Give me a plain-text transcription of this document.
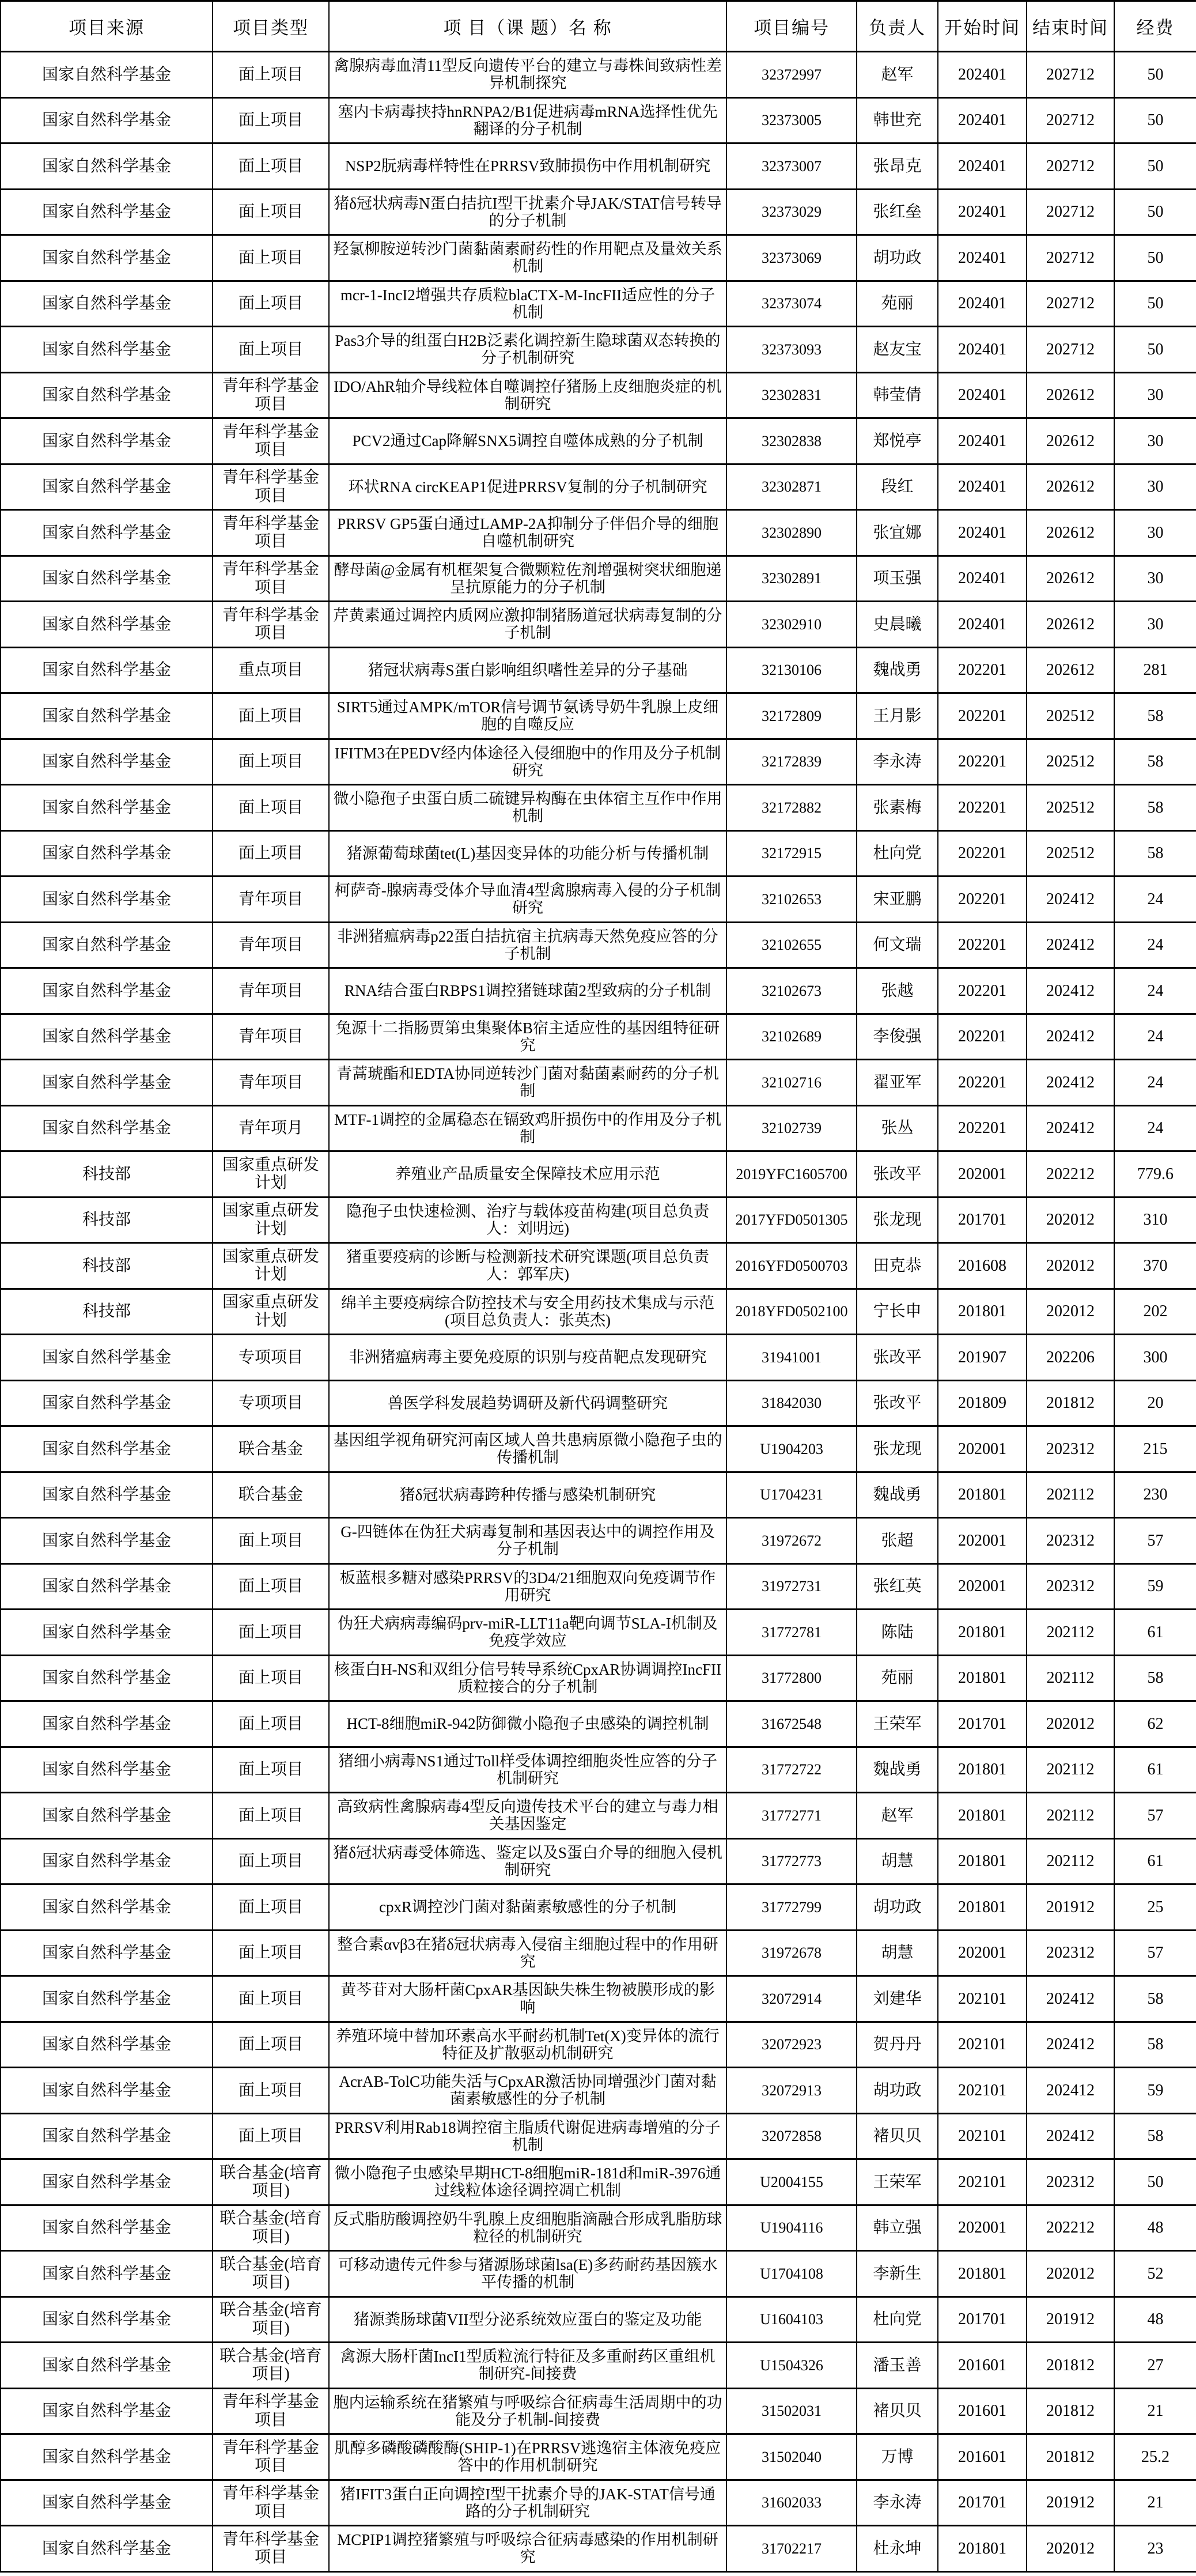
项目来源	项目类型	项 目（课 题）名 称	项目编号	负责人	开始时间	结束时间	经费
国家自然科学基金	面上项目	禽腺病毒血清11型反向遗传平台的建立与毒株间致病性差异机制探究	32372997	赵军	202401	202712	50
国家自然科学基金	面上项目	塞内卡病毒挟持hnRNPA2/B1促进病毒mRNA选择性优先翻译的分子机制	32373005	韩世充	202401	202712	50
国家自然科学基金	面上项目	NSP2朊病毒样特性在PRRSV致肺损伤中作用机制研究	32373007	张昂克	202401	202712	50
国家自然科学基金	面上项目	猪δ冠状病毒N蛋白拮抗I型干扰素介导JAK/STAT信号转导的分子机制	32373029	张红垒	202401	202712	50
国家自然科学基金	面上项目	羟氯柳胺逆转沙门菌黏菌素耐药性的作用靶点及量效关系机制	32373069	胡功政	202401	202712	50
国家自然科学基金	面上项目	mcr-1-IncI2增强共存质粒blaCTX-M-IncFII适应性的分子机制	32373074	苑丽	202401	202712	50
国家自然科学基金	面上项目	Pas3介导的组蛋白H2B泛素化调控新生隐球菌双态转换的分子机制研究	32373093	赵友宝	202401	202712	50
国家自然科学基金	青年科学基金项目	IDO/AhR轴介导线粒体自噬调控仔猪肠上皮细胞炎症的机制研究	32302831	韩莹倩	202401	202612	30
国家自然科学基金	青年科学基金项目	PCV2通过Cap降解SNX5调控自噬体成熟的分子机制	32302838	郑悦亭	202401	202612	30
国家自然科学基金	青年科学基金项目	环状RNA circKEAP1促进PRRSV复制的分子机制研究	32302871	段红	202401	202612	30
国家自然科学基金	青年科学基金项目	PRRSV GP5蛋白通过LAMP-2A抑制分子伴侣介导的细胞自噬机制研究	32302890	张宜娜	202401	202612	30
国家自然科学基金	青年科学基金项目	酵母菌@金属有机框架复合微颗粒佐剂增强树突状细胞递呈抗原能力的分子机制	32302891	项玉强	202401	202612	30
国家自然科学基金	青年科学基金项目	芹黄素通过调控内质网应激抑制猪肠道冠状病毒复制的分子机制	32302910	史晨曦	202401	202612	30
国家自然科学基金	重点项目	猪冠状病毒S蛋白影响组织嗜性差异的分子基础	32130106	魏战勇	202201	202612	281
国家自然科学基金	面上项目	SIRT5通过AMPK/mTOR信号调节氨诱导奶牛乳腺上皮细胞的自噬反应	32172809	王月影	202201	202512	58
国家自然科学基金	面上项目	IFITM3在PEDV经内体途径入侵细胞中的作用及分子机制研究	32172839	李永涛	202201	202512	58
国家自然科学基金	面上项目	微小隐孢子虫蛋白质二硫键异构酶在虫体宿主互作中作用机制	32172882	张素梅	202201	202512	58
国家自然科学基金	面上项目	猪源葡萄球菌tet(L)基因变异体的功能分析与传播机制	32172915	杜向党	202201	202512	58
国家自然科学基金	青年项目	柯萨奇-腺病毒受体介导血清4型禽腺病毒入侵的分子机制研究	32102653	宋亚鹏	202201	202412	24
国家自然科学基金	青年项目	非洲猪瘟病毒p22蛋白拮抗宿主抗病毒天然免疫应答的分子机制	32102655	何文瑞	202201	202412	24
国家自然科学基金	青年项目	RNA结合蛋白RBPS1调控猪链球菌2型致病的分子机制	32102673	张越	202201	202412	24
国家自然科学基金	青年项目	兔源十二指肠贾第虫集聚体B宿主适应性的基因组特征研究	32102689	李俊强	202201	202412	24
国家自然科学基金	青年项目	青蒿琥酯和EDTA协同逆转沙门菌对黏菌素耐药的分子机制	32102716	翟亚军	202201	202412	24
国家自然科学基金	青年项月	MTF-1调控的金属稳态在镉致鸡肝损伤中的作用及分子机制	32102739	张丛	202201	202412	24
科技部	国家重点研发计划	养殖业产品质量安全保障技术应用示范	2019YFC1605700	张改平	202001	202212	779.6
科技部	国家重点研发计划	隐孢子虫快速检测、治疗与载体疫苗构建(项目总负责人：刘明远)	2017YFD0501305	张龙现	201701	202012	310
科技部	国家重点研发计划	猪重要疫病的诊断与检测新技术研究课题(项目总负责人：郭军庆)	2016YFD0500703	田克恭	201608	202012	370
科技部	国家重点研发计划	绵羊主要疫病综合防控技术与安全用药技术集成与示范(项目总负责人：张英杰)	2018YFD0502100	宁长申	201801	202012	202
国家自然科学基金	专项项目	非洲猪瘟病毒主要免疫原的识别与疫苗靶点发现研究	31941001	张改平	201907	202206	300
国家自然科学基金	专项项目	兽医学科发展趋势调研及新代码调整研究	31842030	张改平	201809	201812	20
国家自然科学基金	联合基金	基因组学视角研究河南区域人兽共患病原微小隐孢子虫的传播机制	U1904203	张龙现	202001	202312	215
国家自然科学基金	联合基金	猪δ冠状病毒跨种传播与感染机制研究	U1704231	魏战勇	201801	202112	230
国家自然科学基金	面上项目	G-四链体在伪狂犬病毒复制和基因表达中的调控作用及分子机制	31972672	张超	202001	202312	57
国家自然科学基金	面上项目	板蓝根多糖对感染PRRSV的3D4/21细胞双向免疫调节作用研究	31972731	张红英	202001	202312	59
国家自然科学基金	面上项目	伪狂犬病病毒编码prv-miR-LLT11a靶向调节SLA-I机制及免疫学效应	31772781	陈陆	201801	202112	61
国家自然科学基金	面上项目	核蛋白H-NS和双组分信号转导系统CpxAR协调调控IncFII质粒接合的分子机制	31772800	苑丽	201801	202112	58
国家自然科学基金	面上项目	HCT-8细胞miR-942防御微小隐孢子虫感染的调控机制	31672548	王荣军	201701	202012	62
国家自然科学基金	面上项目	猪细小病毒NS1通过Toll样受体调控细胞炎性应答的分子机制研究	31772722	魏战勇	201801	202112	61
国家自然科学基金	面上项目	高致病性禽腺病毒4型反向遗传技术平台的建立与毒力相关基因鉴定	31772771	赵军	201801	202112	57
国家自然科学基金	面上项目	猪δ冠状病毒受体筛选、鉴定以及S蛋白介导的细胞入侵机制研究	31772773	胡慧	201801	202112	61
国家自然科学基金	面上项目	cpxR调控沙门菌对黏菌素敏感性的分子机制	31772799	胡功政	201801	201912	25
国家自然科学基金	面上项目	整合素αvβ3在猪δ冠状病毒入侵宿主细胞过程中的作用研究	31972678	胡慧	202001	202312	57
国家自然科学基金	面上项目	黄芩苷对大肠杆菌CpxAR基因缺失株生物被膜形成的影响	32072914	刘建华	202101	202412	58
国家自然科学基金	面上项目	养殖环境中替加环素高水平耐药机制Tet(X)变异体的流行特征及扩散驱动机制研究	32072923	贺丹丹	202101	202412	58
国家自然科学基金	面上项目	AcrAB-TolC功能失活与CpxAR激活协同增强沙门菌对黏菌素敏感性的分子机制	32072913	胡功政	202101	202412	59
国家自然科学基金	面上项目	PRRSV利用Rab18调控宿主脂质代谢促进病毒增殖的分子机制	32072858	褚贝贝	202101	202412	58
国家自然科学基金	联合基金(培育项目)	微小隐孢子虫感染早期HCT-8细胞miR-181d和miR-3976通过线粒体途径调控凋亡机制	U2004155	王荣军	202101	202312	50
国家自然科学基金	联合基金(培育项目)	反式脂肪酸调控奶牛乳腺上皮细胞脂滴融合形成乳脂肪球粒径的机制研究	U1904116	韩立强	202001	202212	48
国家自然科学基金	联合基金(培育项目)	可移动遗传元件参与猪源肠球菌lsa(E)多药耐药基因簇水平传播的机制	U1704108	李新生	201801	202012	52
国家自然科学基金	联合基金(培育项目)	猪源粪肠球菌VII型分泌系统效应蛋白的鉴定及功能	U1604103	杜向党	201701	201912	48
国家自然科学基金	联合基金(培育项目)	禽源大肠杆菌IncI1型质粒流行特征及多重耐药区重组机制研究-间接费	U1504326	潘玉善	201601	201812	27
国家自然科学基金	青年科学基金项目	胞内运输系统在猪繁殖与呼吸综合征病毒生活周期中的功能及分子机制-间接费	31502031	褚贝贝	201601	201812	21
国家自然科学基金	青年科学基金项目	肌醇多磷酸磷酸酶(SHIP-1)在PRRSV逃逸宿主体液免疫应答中的作用机制研究	31502040	万博	201601	201812	25.2
国家自然科学基金	青年科学基金项目	猪IFIT3蛋白正向调控I型干扰素介导的JAK-STAT信号通路的分子机制研究	31602033	李永涛	201701	201912	21
国家自然科学基金	青年科学基金项目	MCPIP1调控猪繁殖与呼吸综合征病毒感染的作用机制研究	31702217	杜永坤	201801	202012	23
